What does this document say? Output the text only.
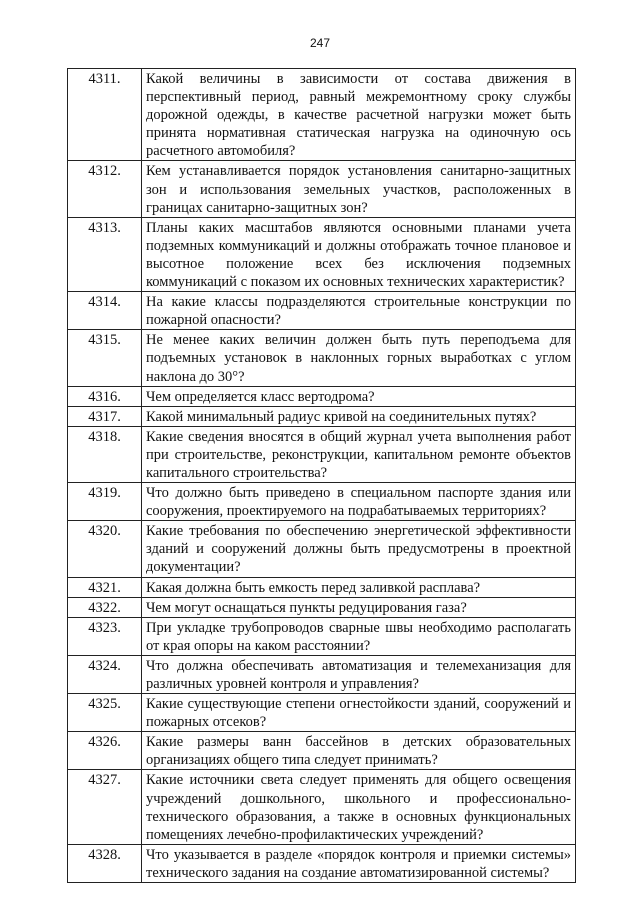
247
4311.	Какой величины в зависимости от состава движения в перспективный период, равный межремонтному сроку службы дорожной одежды, в качестве расчетной нагрузки может быть принята нормативная статическая нагрузка на одиночную ось расчетного автомобиля?
4312.	Кем устанавливается порядок установления санитарно-защитных зон и использования земельных участков, расположенных в границах санитарно-защитных зон?
4313.	Планы каких масштабов являются основными планами учета подземных коммуникаций и должны отображать точное плановое и высотное положение всех без исключения подземных коммуникаций с показом их основных технических характеристик?
4314.	На какие классы подразделяются строительные конструкции по пожарной опасности?
4315.	Не менее каких величин должен быть путь переподъема для подъемных установок в наклонных горных выработках с углом наклона до 30°?
4316.	Чем определяется класс вертодрома?
4317.	Какой минимальный радиус кривой на соединительных путях?
4318.	Какие сведения вносятся в общий журнал учета выполнения работ при строительстве, реконструкции, капитальном ремонте объектов капитального строительства?
4319.	Что должно быть приведено в специальном паспорте здания или сооружения, проектируемого на подрабатываемых территориях?
4320.	Какие требования по обеспечению энергетической эффективности зданий и сооружений должны быть предусмотрены в проектной документации?
4321.	Какая должна быть емкость перед заливкой расплава?
4322.	Чем могут оснащаться пункты редуцирования газа?
4323.	При укладке трубопроводов сварные швы необходимо располагать от края опоры на каком расстоянии?
4324.	Что должна обеспечивать автоматизация и телемеханизация для различных уровней контроля и управления?
4325.	Какие существующие степени огнестойкости зданий, сооружений и пожарных отсеков?
4326.	Какие размеры ванн бассейнов в детских образовательных организациях общего типа следует принимать?
4327.	Какие источники света следует применять для общего освещения учреждений дошкольного, школьного и профессионально-технического образования, а также в основных функциональных помещениях лечебно-профилактических учреждений?
4328.	Что указывается в разделе «порядок контроля и приемки системы» технического задания на создание автоматизированной системы?
